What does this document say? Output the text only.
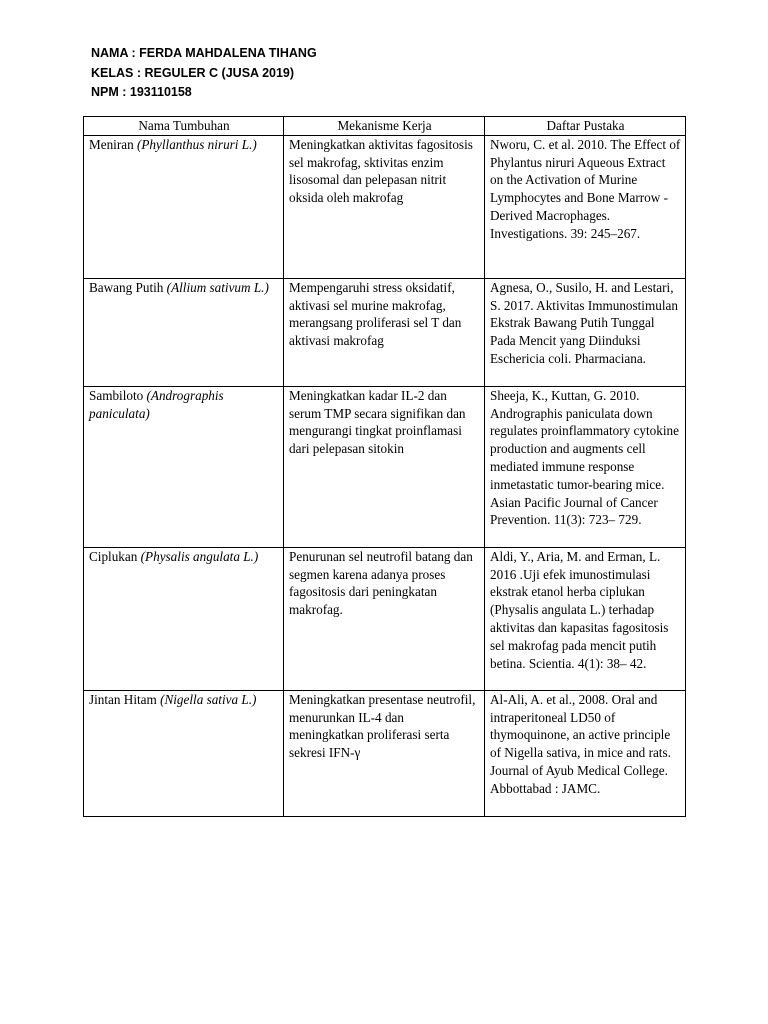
NAMA : FERDA MAHDALENA TIHANG
KELAS : REGULER C (JUSA 2019)
NPM : 193110158
Nama Tumbuhan	Mekanisme Kerja	Daftar Pustaka
Meniran (Phyllanthus niruri L.)	Meningkatkan aktivitas fagositosis sel makrofag, sktivitas enzim lisosomal dan pelepasan nitrit oksida oleh makrofag	Nworu, C. et al. 2010. The Effect of Phylantus niruri Aqueous Extract on the Activation of Murine Lymphocytes and Bone Marrow - Derived Macrophages. Investigations. 39: 245–267.
Bawang Putih (Allium sativum L.)	Mempengaruhi stress oksidatif, aktivasi sel murine makrofag, merangsang proliferasi sel T dan aktivasi makrofag	Agnesa, O., Susilo, H. and Lestari, S. 2017. Aktivitas Immunostimulan Ekstrak Bawang Putih Tunggal Pada Mencit yang Diinduksi Eschericia coli. Pharmaciana.
Sambiloto (Andrographis paniculata)	Meningkatkan kadar IL-2 dan serum TMP secara signifikan dan mengurangi tingkat proinflamasi dari pelepasan sitokin	Sheeja, K., Kuttan, G. 2010. Andrographis paniculata down regulates proinflammatory cytokine production and augments cell mediated immune response inmetastatic tumor-bearing mice. Asian Pacific Journal of Cancer Prevention. 11(3): 723– 729.
Ciplukan (Physalis angulata L.)	Penurunan sel neutrofil batang dan segmen karena adanya proses fagositosis dari peningkatan makrofag.	Aldi, Y., Aria, M. and Erman, L. 2016 .Uji efek imunostimulasi ekstrak etanol herba ciplukan (Physalis angulata L.) terhadap aktivitas dan kapasitas fagositosis sel makrofag pada mencit putih betina. Scientia. 4(1): 38– 42.
Jintan Hitam (Nigella sativa L.)	Meningkatkan presentase neutrofil, menurunkan IL-4 dan meningkatkan proliferasi serta sekresi IFN-γ	Al-Ali, A. et al., 2008. Oral and intraperitoneal LD50 of thymoquinone, an active principle of Nigella sativa, in mice and rats. Journal of Ayub Medical College. Abbottabad : JAMC.
